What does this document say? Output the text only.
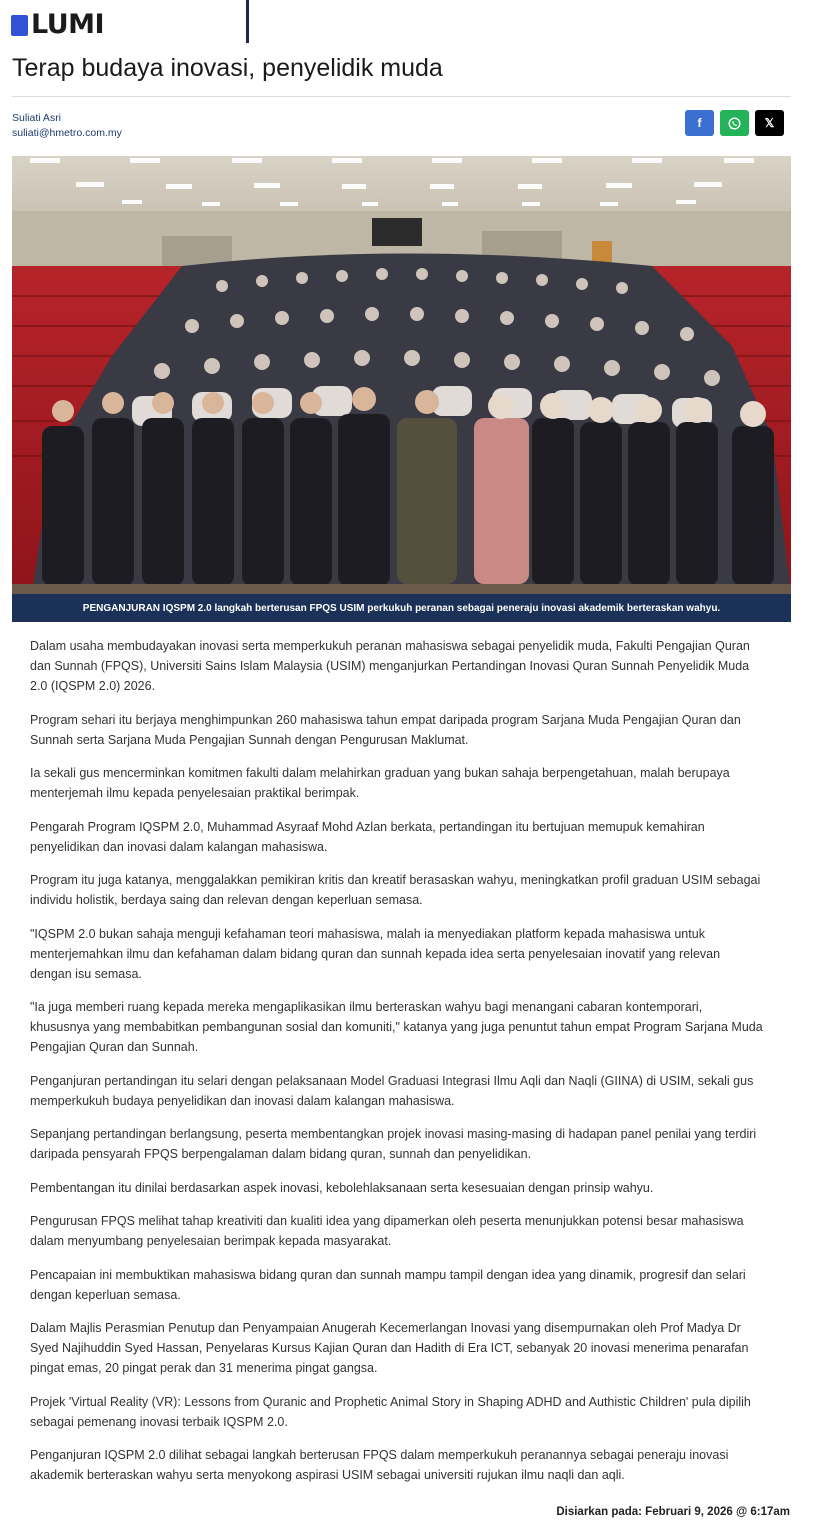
LUMI
Terap budaya inovasi, penyelidik muda
Suliati Asri
suliati@hmetro.com.my
f	𝕏
PENGANJURAN IQSPM 2.0 langkah berterusan FPQS USIM perkukuh peranan sebagai peneraju inovasi akademik berteraskan wahyu.

Dalam usaha membudayakan inovasi serta memperkukuh peranan mahasiswa sebagai penyelidik muda, Fakulti Pengajian Quran dan Sunnah (FPQS), Universiti Sains Islam Malaysia (USIM) menganjurkan Pertandingan Inovasi Quran Sunnah Penyelidik Muda 2.0 (IQSPM 2.0) 2026.

Program sehari itu berjaya menghimpunkan 260 mahasiswa tahun empat daripada program Sarjana Muda Pengajian Quran dan Sunnah serta Sarjana Muda Pengajian Sunnah dengan Pengurusan Maklumat.

Ia sekali gus mencerminkan komitmen fakulti dalam melahirkan graduan yang bukan sahaja berpengetahuan, malah berupaya menterjemah ilmu kepada penyelesaian praktikal berimpak.

Pengarah Program IQSPM 2.0, Muhammad Asyraaf Mohd Azlan berkata, pertandingan itu bertujuan memupuk kemahiran penyelidikan dan inovasi dalam kalangan mahasiswa.

Program itu juga katanya, menggalakkan pemikiran kritis dan kreatif berasaskan wahyu, meningkatkan profil graduan USIM sebagai individu holistik, berdaya saing dan relevan dengan keperluan semasa.

"IQSPM 2.0 bukan sahaja menguji kefahaman teori mahasiswa, malah ia menyediakan platform kepada mahasiswa untuk menterjemahkan ilmu dan kefahaman dalam bidang quran dan sunnah kepada idea serta penyelesaian inovatif yang relevan dengan isu semasa.

"Ia juga memberi ruang kepada mereka mengaplikasikan ilmu berteraskan wahyu bagi menangani cabaran kontemporari, khususnya yang membabitkan pembangunan sosial dan komuniti," katanya yang juga penuntut tahun empat Program Sarjana Muda Pengajian Quran dan Sunnah.

Penganjuran pertandingan itu selari dengan pelaksanaan Model Graduasi Integrasi Ilmu Aqli dan Naqli (GIINA) di USIM, sekali gus memperkukuh budaya penyelidikan dan inovasi dalam kalangan mahasiswa.

Sepanjang pertandingan berlangsung, peserta membentangkan projek inovasi masing-masing di hadapan panel penilai yang terdiri daripada pensyarah FPQS berpengalaman dalam bidang quran, sunnah dan penyelidikan.

Pembentangan itu dinilai berdasarkan aspek inovasi, kebolehlaksanaan serta kesesuaian dengan prinsip wahyu.

Pengurusan FPQS melihat tahap kreativiti dan kualiti idea yang dipamerkan oleh peserta menunjukkan potensi besar mahasiswa dalam menyumbang penyelesaian berimpak kepada masyarakat.

Pencapaian ini membuktikan mahasiswa bidang quran dan sunnah mampu tampil dengan idea yang dinamik, progresif dan selari dengan keperluan semasa.

Dalam Majlis Perasmian Penutup dan Penyampaian Anugerah Kecemerlangan Inovasi yang disempurnakan oleh Prof Madya Dr Syed Najihuddin Syed Hassan, Penyelaras Kursus Kajian Quran dan Hadith di Era ICT, sebanyak 20 inovasi menerima penarafan pingat emas, 20 pingat perak dan 31 menerima pingat gangsa.

Projek 'Virtual Reality (VR): Lessons from Quranic and Prophetic Animal Story in Shaping ADHD and Authistic Children' pula dipilih sebagai pemenang inovasi terbaik IQSPM 2.0.

Penganjuran IQSPM 2.0 dilihat sebagai langkah berterusan FPQS dalam memperkukuh peranannya sebagai peneraju inovasi akademik berteraskan wahyu serta menyokong aspirasi USIM sebagai universiti rujukan ilmu naqli dan aqli.

Disiarkan pada: Februari 9, 2026 @ 6:17am
